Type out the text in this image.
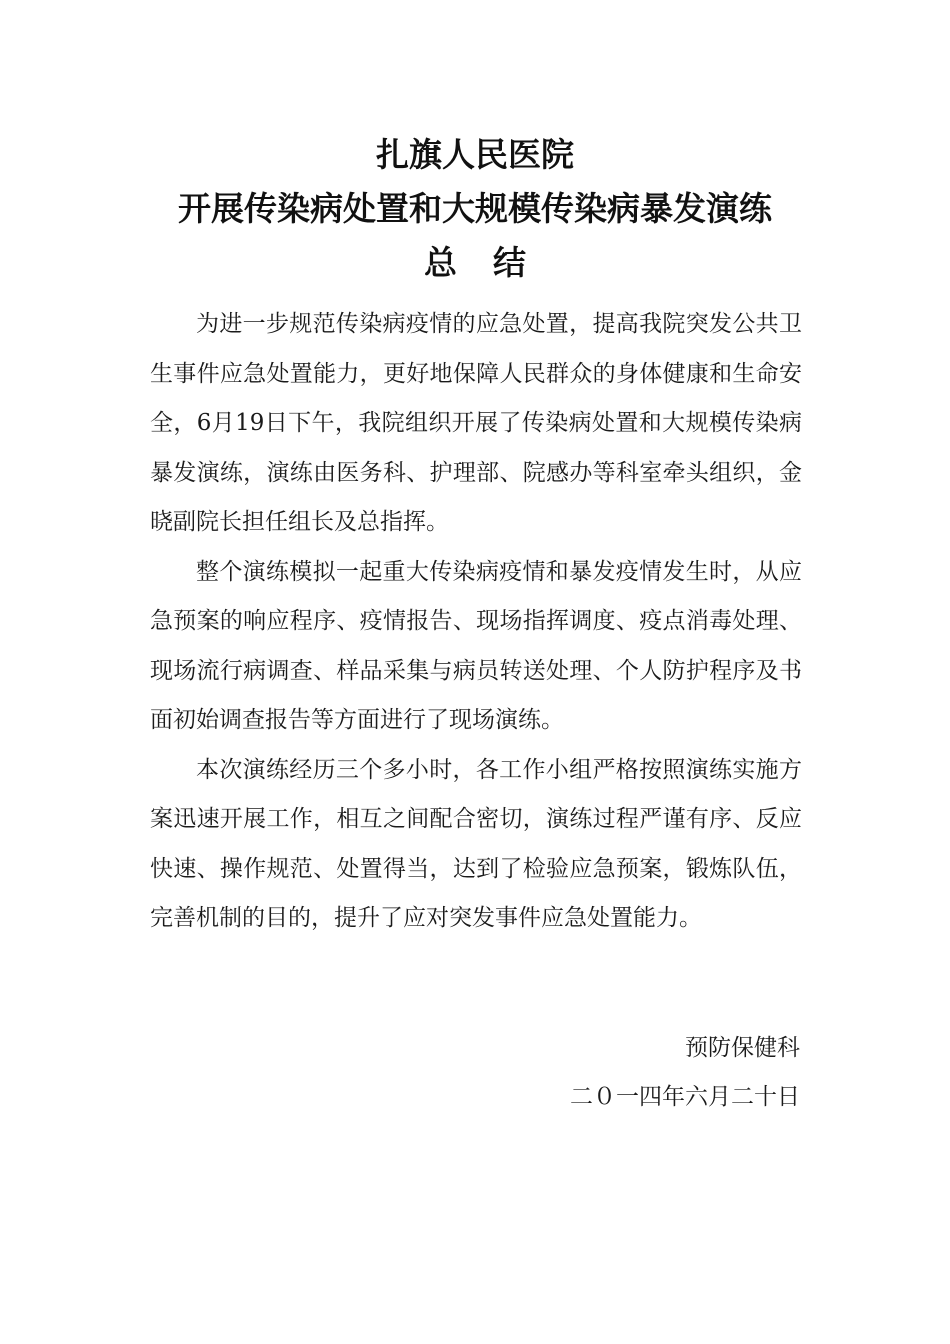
扎旗人民医院
开展传染病处置和大规模传染病暴发演练
总结

为进一步规范传染病疫情的应急处置，提高我院突发公共卫生事件应急处置能力，更好地保障人民群众的身体健康和生命安全，6月19日下午，我院组织开展了传染病处置和大规模传染病暴发演练，演练由医务科、护理部、院感办等科室牵头组织，金晓副院长担任组长及总指挥。

整个演练模拟一起重大传染病疫情和暴发疫情发生时，从应急预案的响应程序、疫情报告、现场指挥调度、疫点消毒处理、现场流行病调查、样品采集与病员转送处理、个人防护程序及书面初始调查报告等方面进行了现场演练。

本次演练经历三个多小时，各工作小组严格按照演练实施方案迅速开展工作，相互之间配合密切，演练过程严谨有序、反应快速、操作规范、处置得当，达到了检验应急预案，锻炼队伍，完善机制的目的，提升了应对突发事件应急处置能力。

预防保健科
二０一四年六月二十日
